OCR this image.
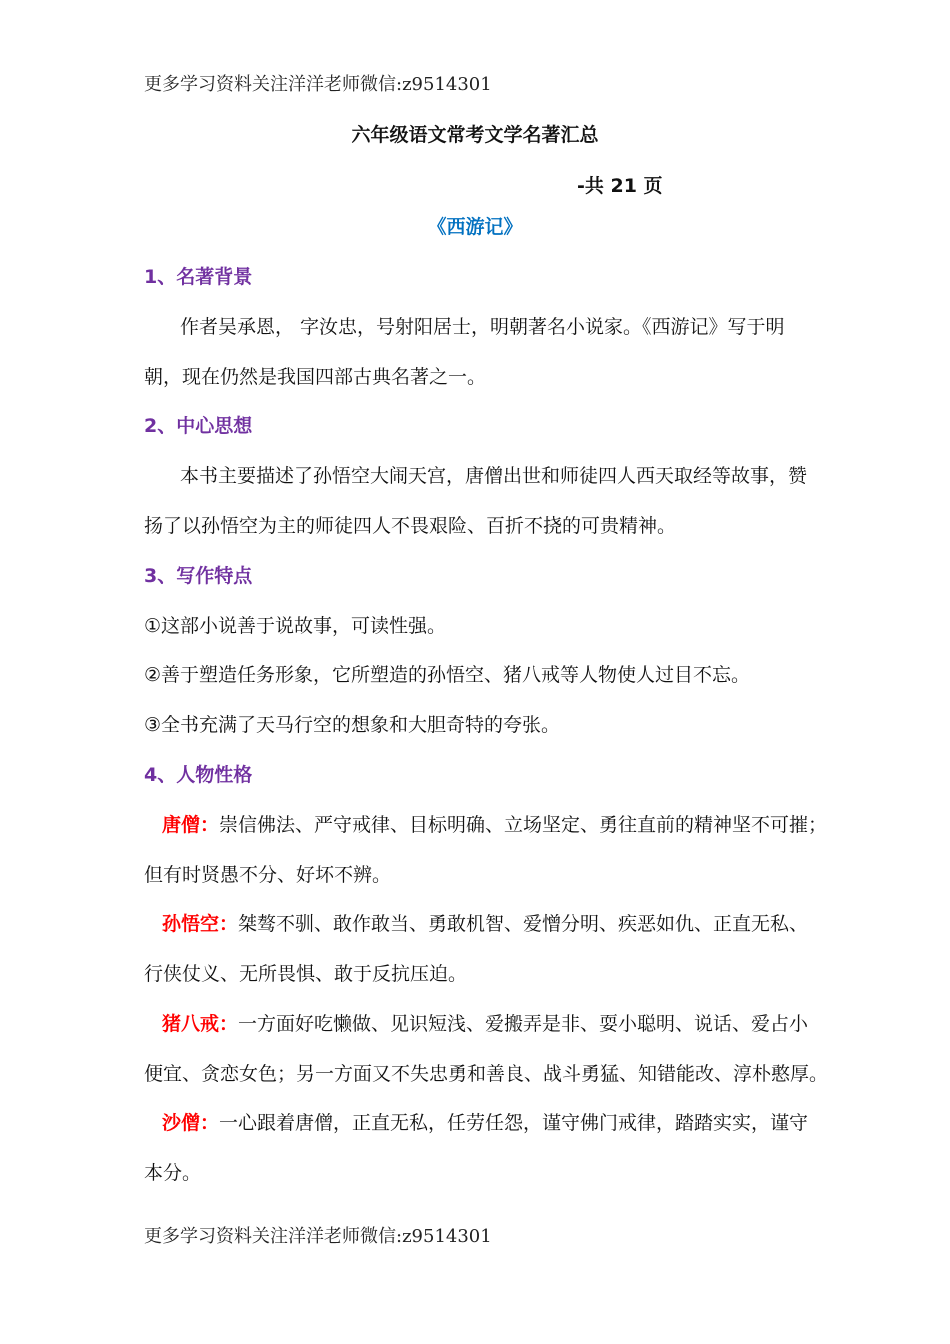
更多学习资料关注洋洋老师微信:z9514301
六年级语文常考文学名著汇总
-共 21 页
《西游记》
1、名著背景
作者吴承恩， 字汝忠，号射阳居士，明朝著名小说家。《西游记》写于明
朝，现在仍然是我国四部古典名著之一。
2、中心思想
本书主要描述了孙悟空大闹天宫，唐僧出世和师徒四人西天取经等故事，赞
扬了以孙悟空为主的师徒四人不畏艰险、百折不挠的可贵精神。
3、写作特点
①这部小说善于说故事，可读性强。
②善于塑造任务形象，它所塑造的孙悟空、猪八戒等人物使人过目不忘。
③全书充满了天马行空的想象和大胆奇特的夸张。
4、人物性格
唐僧：崇信佛法、严守戒律、目标明确、立场坚定、勇往直前的精神坚不可摧；
但有时贤愚不分、好坏不辨。
孙悟空：桀骜不驯、敢作敢当、勇敢机智、爱憎分明、疾恶如仇、正直无私、
行侠仗义、无所畏惧、敢于反抗压迫。
猪八戒：一方面好吃懒做、见识短浅、爱搬弄是非、耍小聪明、说话、爱占小
便宜、贪恋女色；另一方面又不失忠勇和善良、战斗勇猛、知错能改、淳朴憨厚。
沙僧：一心跟着唐僧，正直无私，任劳任怨，谨守佛门戒律，踏踏实实，谨守
本分。
更多学习资料关注洋洋老师微信:z9514301
